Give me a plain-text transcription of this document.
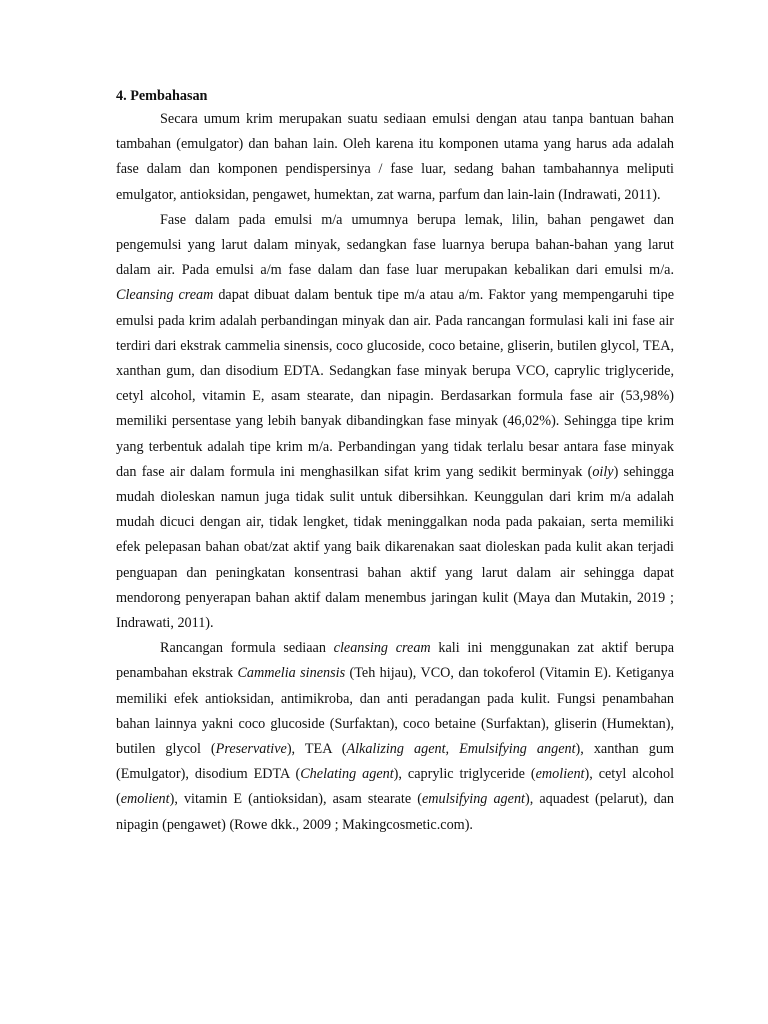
4. Pembahasan

Secara umum krim merupakan suatu sediaan emulsi dengan atau tanpa bantuan bahan tambahan (emulgator) dan bahan lain. Oleh karena itu komponen utama yang harus ada adalah fase dalam dan komponen pendispersinya / fase luar, sedang bahan tambahannya meliputi emulgator, antioksidan, pengawet, humektan, zat warna, parfum dan lain-lain (Indrawati, 2011).

Fase dalam pada emulsi m/a umumnya berupa lemak, lilin, bahan pengawet dan pengemulsi yang larut dalam minyak, sedangkan fase luarnya berupa bahan-bahan yang larut dalam air. Pada emulsi a/m fase dalam dan fase luar merupakan kebalikan dari emulsi m/a. Cleansing cream dapat dibuat dalam bentuk tipe m/a atau a/m. Faktor yang mempengaruhi tipe emulsi pada krim adalah perbandingan minyak dan air. Pada rancangan formulasi kali ini fase air terdiri dari ekstrak cammelia sinensis, coco glucoside, coco betaine, gliserin, butilen glycol, TEA, xanthan gum, dan disodium EDTA. Sedangkan fase minyak berupa VCO, caprylic triglyceride, cetyl alcohol, vitamin E, asam stearate, dan nipagin. Berdasarkan formula fase air (53,98%) memiliki persentase yang lebih banyak dibandingkan fase minyak (46,02%). Sehingga tipe krim yang terbentuk adalah tipe krim m/a. Perbandingan yang tidak terlalu besar antara fase minyak dan fase air dalam formula ini menghasilkan sifat krim yang sedikit berminyak (oily) sehingga mudah dioleskan namun juga tidak sulit untuk dibersihkan. Keunggulan dari krim m/a adalah mudah dicuci dengan air, tidak lengket, tidak meninggalkan noda pada pakaian, serta memiliki efek pelepasan bahan obat/zat aktif yang baik dikarenakan saat dioleskan pada kulit akan terjadi penguapan dan peningkatan konsentrasi bahan aktif yang larut dalam air sehingga dapat mendorong penyerapan bahan aktif dalam menembus jaringan kulit (Maya dan Mutakin, 2019 ; Indrawati, 2011).

Rancangan formula sediaan cleansing cream kali ini menggunakan zat aktif berupa penambahan ekstrak Cammelia sinensis (Teh hijau), VCO, dan tokoferol (Vitamin E). Ketiganya memiliki efek antioksidan, antimikroba, dan anti peradangan pada kulit. Fungsi penambahan bahan lainnya yakni coco glucoside (Surfaktan), coco betaine (Surfaktan), gliserin (Humektan), butilen glycol (Preservative), TEA (Alkalizing agent, Emulsifying angent), xanthan gum (Emulgator), disodium EDTA (Chelating agent), caprylic triglyceride (emolient), cetyl alcohol (emolient), vitamin E (antioksidan), asam stearate (emulsifying agent), aquadest (pelarut), dan nipagin (pengawet) (Rowe dkk., 2009 ; Makingcosmetic.com).
